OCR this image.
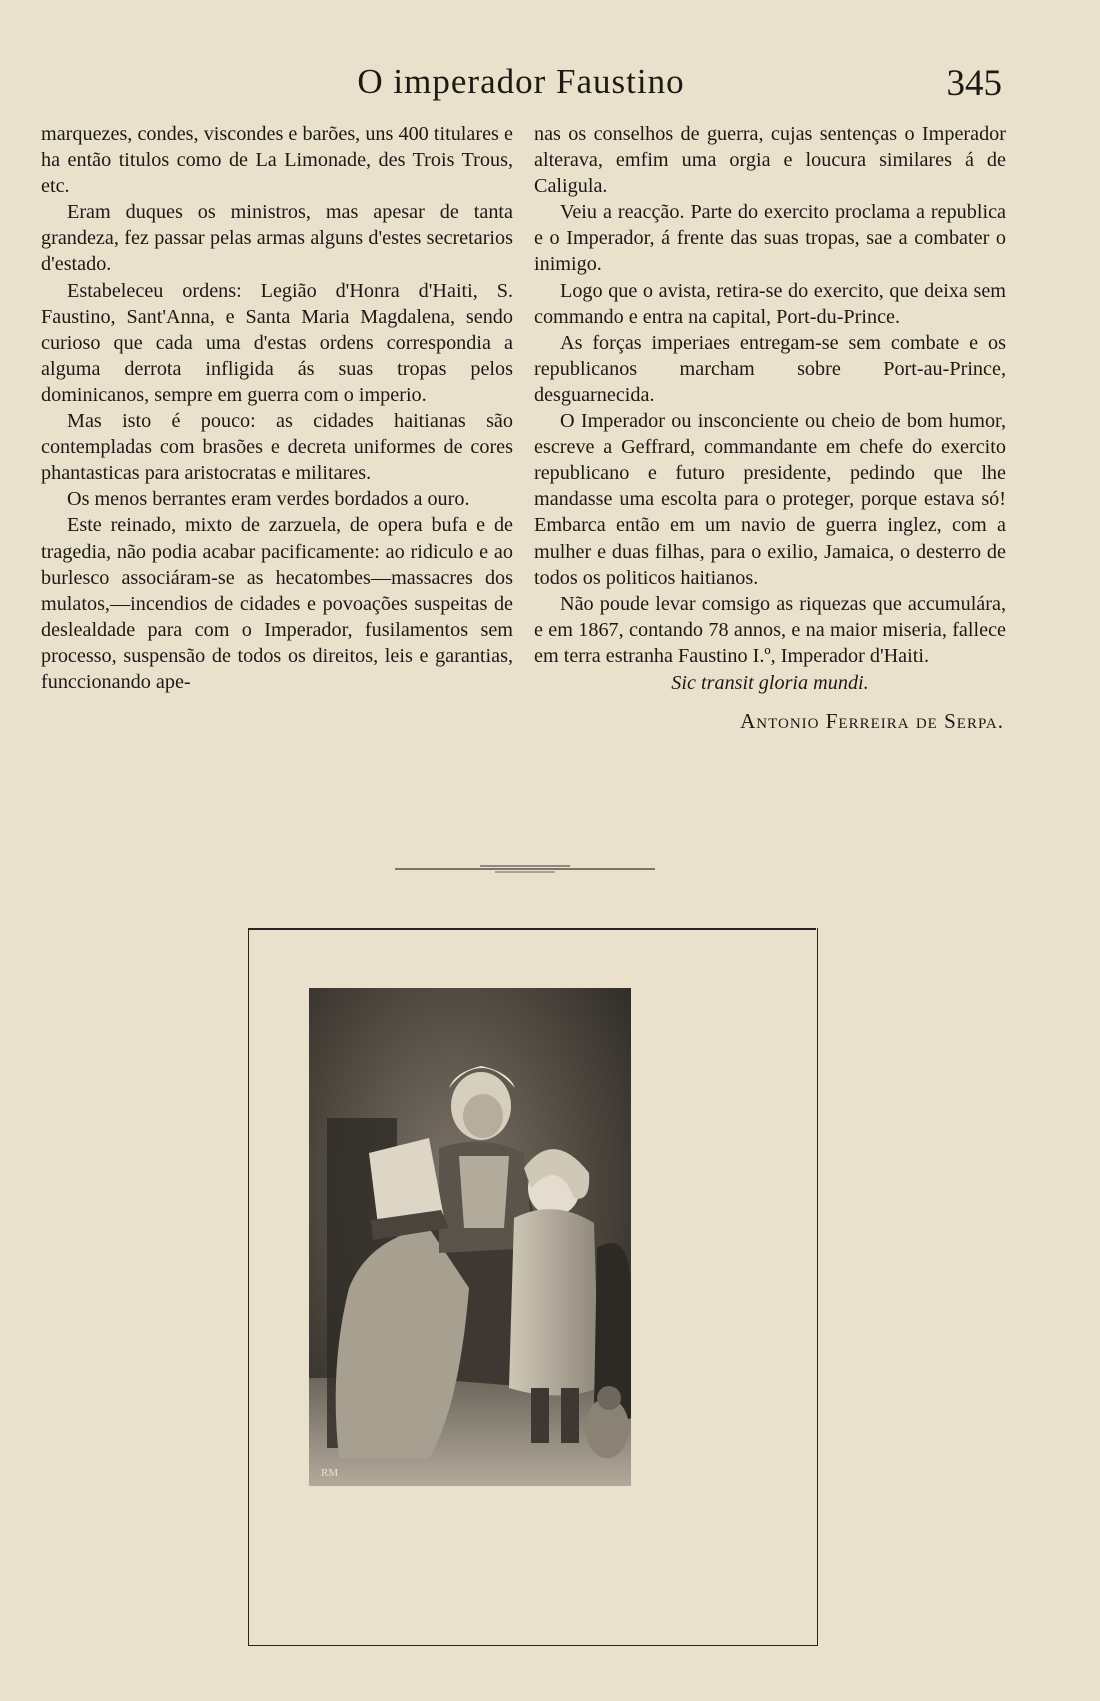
O imperador Faustino	345

marquezes, condes, viscondes e barões, uns 400 titulares e ha então titulos como de La Limonade, des Trois Trous, etc.

Eram duques os ministros, mas apesar de tanta grandeza, fez passar pelas armas alguns d'estes secretarios d'estado.

Estabeleceu ordens: Legião d'Honra d'Haiti, S. Faustino, Sant'Anna, e Santa Maria Magdalena, sendo curioso que cada uma d'estas ordens correspondia a alguma derrota infligida ás suas tropas pelos dominicanos, sempre em guerra com o imperio.

Mas isto é pouco: as cidades haitianas são contempladas com brasões e decreta uniformes de cores phantasticas para aristocratas e militares.

Os menos berrantes eram verdes bordados a ouro.

Este reinado, mixto de zarzuela, de opera bufa e de tragedia, não podia acabar pacificamente: ao ridiculo e ao burlesco associáram-se as hecatombes—massacres dos mulatos,—incendios de cidades e povoações suspeitas de deslealdade para com o Imperador, fusilamentos sem processo, suspensão de todos os direitos, leis e garantias, funccionando ape-

nas os conselhos de guerra, cujas sentenças o Imperador alterava, emfim uma orgia e loucura similares á de Caligula.

Veiu a reacção. Parte do exercito proclama a republica e o Imperador, á frente das suas tropas, sae a combater o inimigo.

Logo que o avista, retira-se do exercito, que deixa sem commando e entra na capital, Port-du-Prince.

As forças imperiaes entregam-se sem combate e os republicanos marcham sobre Port-au-Prince, desguarnecida.

O Imperador ou insconciente ou cheio de bom humor, escreve a Geffrard, commandante em chefe do exercito republicano e futuro presidente, pedindo que lhe mandasse uma escolta para o proteger, porque estava só! Embarca então em um navio de guerra inglez, com a mulher e duas filhas, para o exilio, Jamaica, o desterro de todos os politicos haitianos.

Não poude levar comsigo as riquezas que accumulára, e em 1867, contando 78 annos, e na maior miseria, fallece em terra estranha Faustino I.º, Imperador d'Haiti.

Sic transit gloria mundi.
Antonio Ferreira de Serpa.
RM
